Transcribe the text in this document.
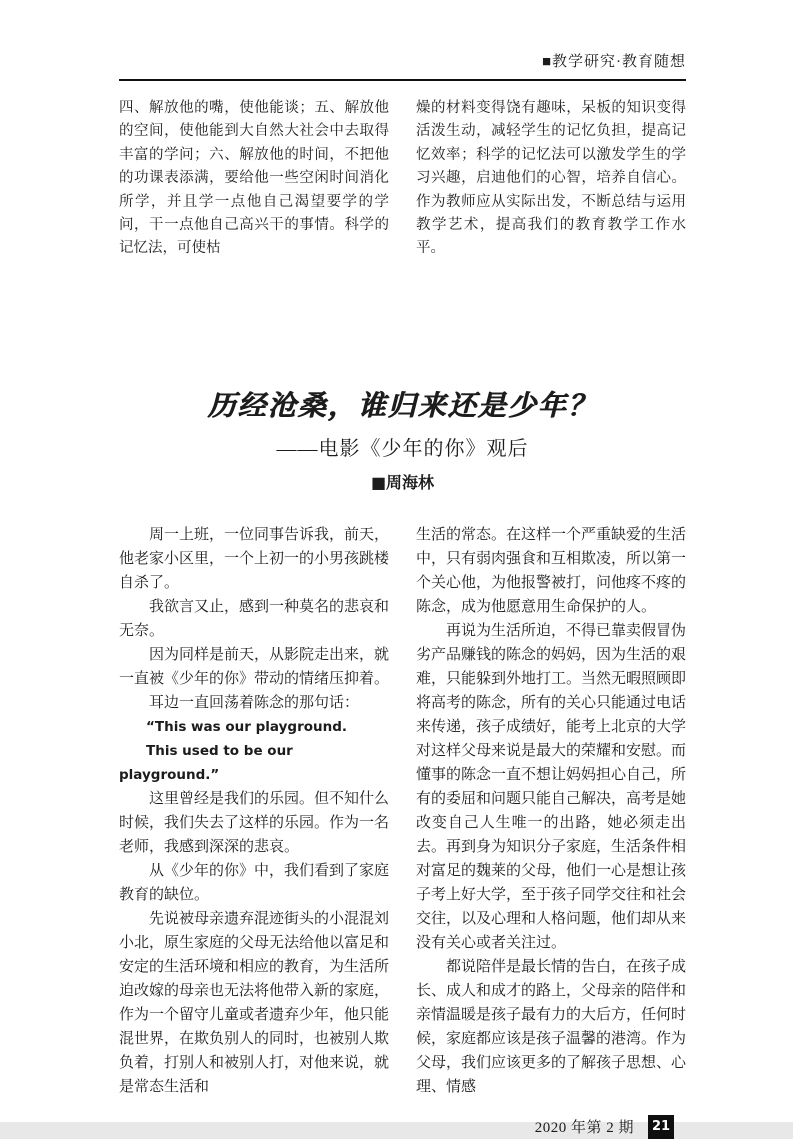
■教学研究·教育随想

四、解放他的嘴，使他能谈；五、解放他的空间，使他能到大自然大社会中去取得丰富的学问；六、解放他的时间，不把他的功课表添满，要给他一些空闲时间消化所学，并且学一点他自己渴望要学的学问，干一点他自己高兴干的事情。科学的记忆法，可使枯

燥的材料变得饶有趣味，呆板的知识变得活泼生动，减轻学生的记忆负担，提高记忆效率；科学的记忆法可以激发学生的学习兴趣，启迪他们的心智，培养自信心。作为教师应从实际出发，不断总结与运用教学艺术，提高我们的教育教学工作水平。

历经沧桑，谁归来还是少年？
——电影《少年的你》观后
■周海林

周一上班，一位同事告诉我，前天，他老家小区里，一个上初一的小男孩跳楼自杀了。

我欲言又止，感到一种莫名的悲哀和无奈。

因为同样是前天，从影院走出来，就一直被《少年的你》带动的情绪压抑着。

耳边一直回荡着陈念的那句话：

“This was our playground.

This used to be our playground.”

这里曾经是我们的乐园。但不知什么时候，我们失去了这样的乐园。作为一名老师，我感到深深的悲哀。

从《少年的你》中，我们看到了家庭教育的缺位。

先说被母亲遗弃混迹街头的小混混刘小北，原生家庭的父母无法给他以富足和安定的生活环境和相应的教育，为生活所迫改嫁的母亲也无法将他带入新的家庭，作为一个留守儿童或者遗弃少年，他只能混世界，在欺负别人的同时，也被别人欺负着，打别人和被别人打，对他来说，就是常态生活和

生活的常态。在这样一个严重缺爱的生活中，只有弱肉强食和互相欺凌，所以第一个关心他，为他报警被打，问他疼不疼的陈念，成为他愿意用生命保护的人。

再说为生活所迫，不得已靠卖假冒伪劣产品赚钱的陈念的妈妈，因为生活的艰难，只能躲到外地打工。当然无暇照顾即将高考的陈念，所有的关心只能通过电话来传递，孩子成绩好，能考上北京的大学对这样父母来说是最大的荣耀和安慰。而懂事的陈念一直不想让妈妈担心自己，所有的委屈和问题只能自己解决，高考是她改变自己人生唯一的出路，她必须走出去。再到身为知识分子家庭，生活条件相对富足的魏莱的父母，他们一心是想让孩子考上好大学，至于孩子同学交往和社会交往，以及心理和人格问题，他们却从来没有关心或者关注过。

都说陪伴是最长情的告白，在孩子成长、成人和成才的路上，父母亲的陪伴和亲情温暖是孩子最有力的大后方，任何时候，家庭都应该是孩子温馨的港湾。作为父母，我们应该更多的了解孩子思想、心理、情感

2020 年第 2 期	21
